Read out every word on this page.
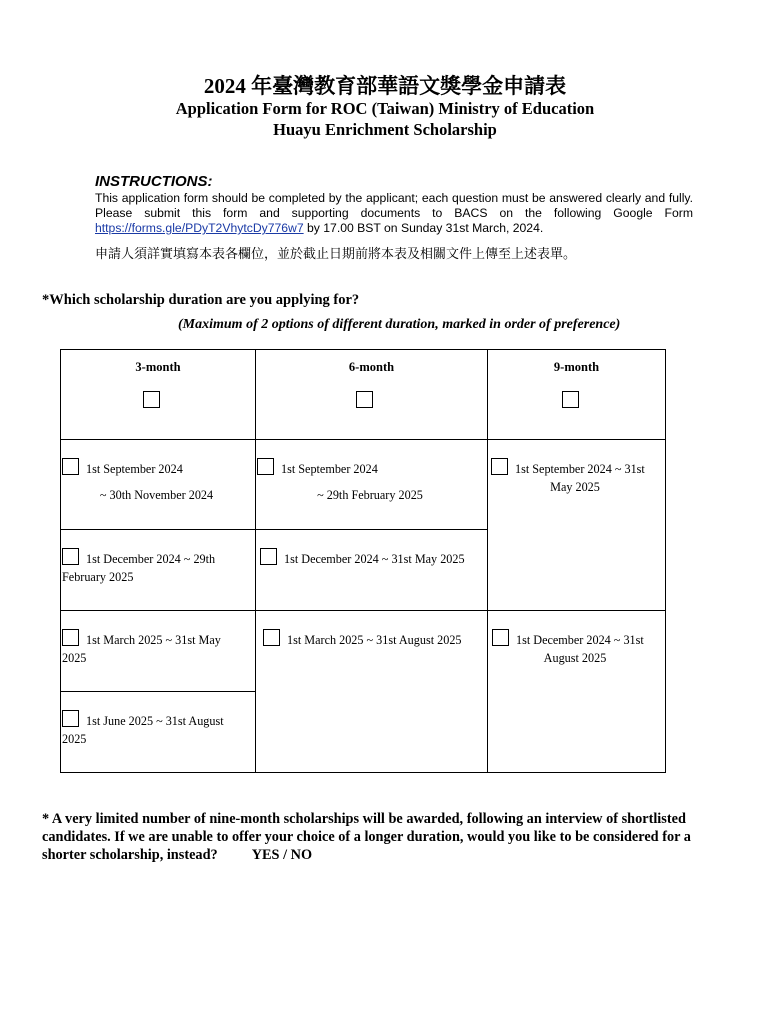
2024 年臺灣教育部華語文獎學金申請表
Application Form for ROC (Taiwan) Ministry of Education
Huayu Enrichment Scholarship
INSTRUCTIONS:
This application form should be completed by the applicant; each question must be answered clearly and fully. Please submit this form and supporting documents to BACS on the following Google Form https://forms.gle/PDyT2VhytcDy776w7 by 17.00 BST on Sunday 31st March, 2024.
申請人須詳實填寫本表各欄位，並於截止日期前將本表及相關文件上傳至上述表單。
*Which scholarship duration are you applying for?
(Maximum of 2 options of different duration, marked in order of preference)
3-month	6-month	9-month
1st September 2024
~ 30th November 2024
1st December 2024 ~ 29th
February 2025
1st March 2025 ~ 31st May
2025
1st June 2025 ~ 31st August
2025
1st September 2024
~ 29th February 2025
1st December 2024 ~ 31st May 2025
1st March 2025 ~ 31st August 2025
1st September 2024 ~ 31st
May 2025
1st December 2024 ~ 31st
August 2025
* A very limited number of nine-month scholarships will be awarded, following an interview of shortlisted candidates. If we are unable to offer your choice of a longer duration, would you like to be considered for a shorter scholarship, instead? YES / NO
